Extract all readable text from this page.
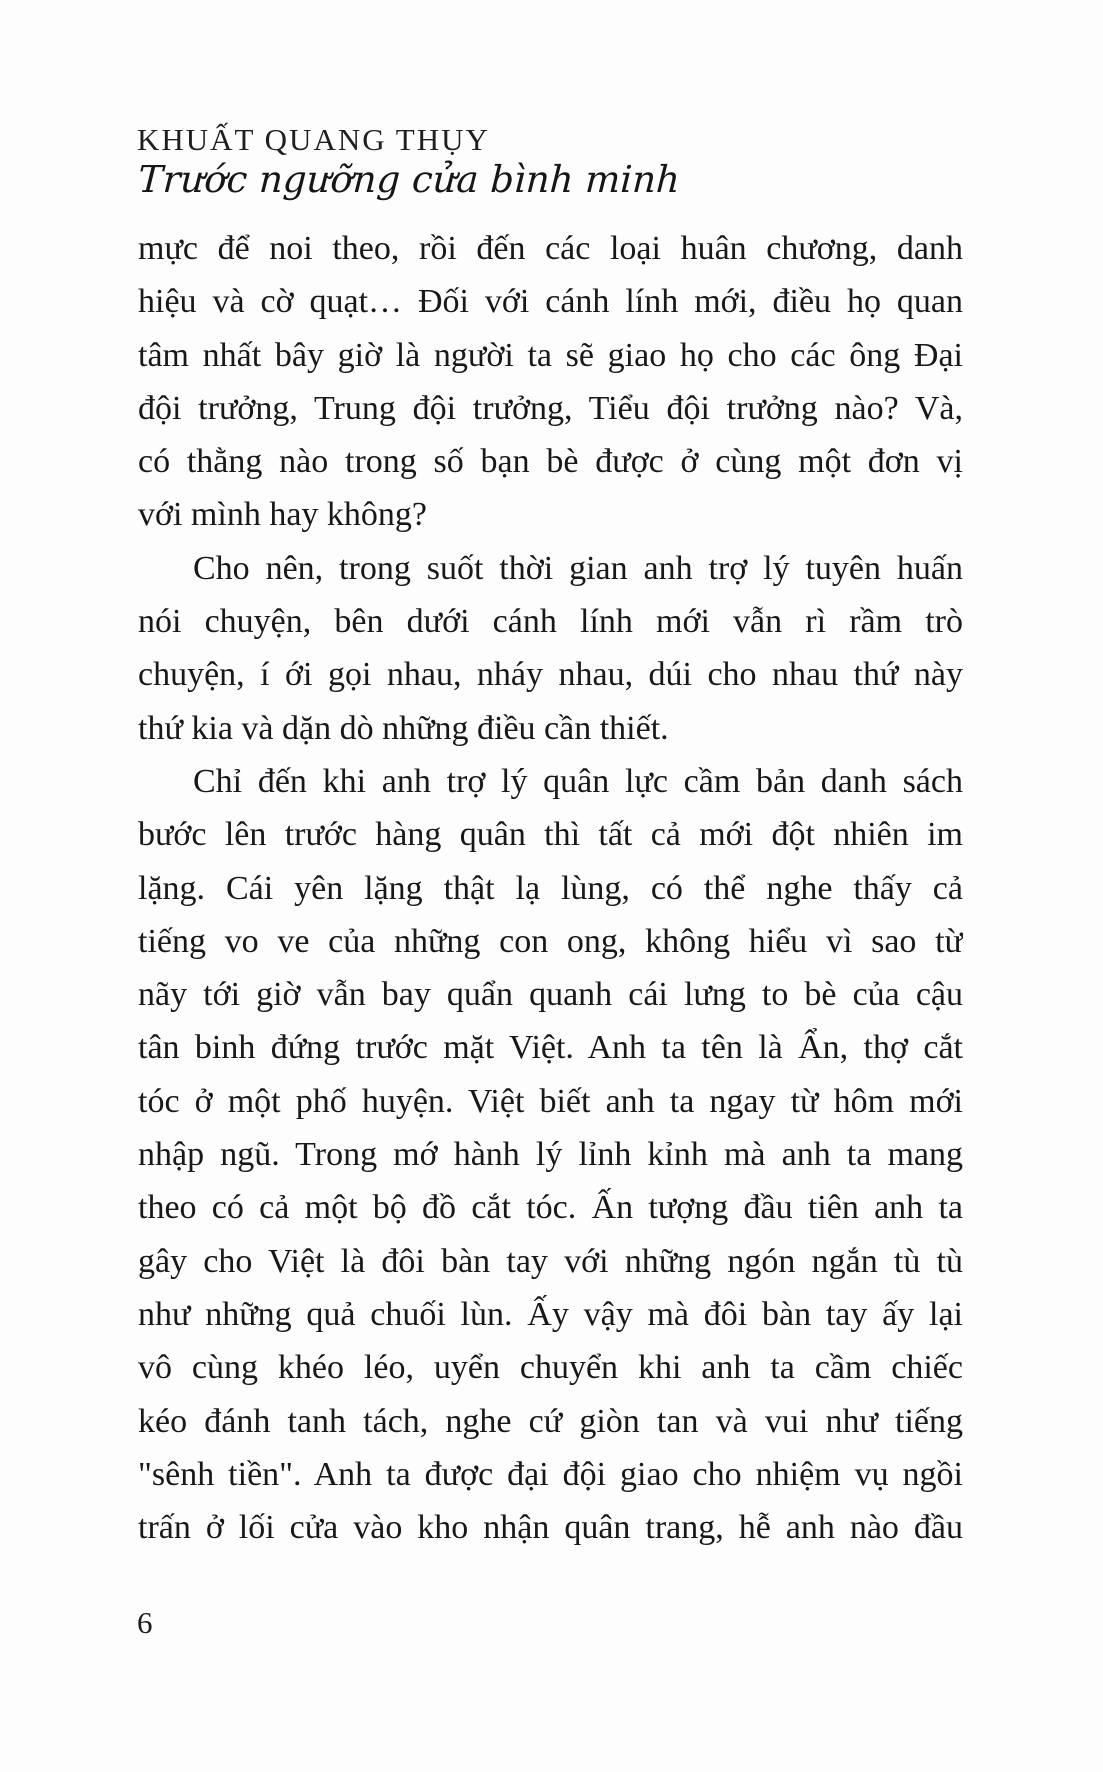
KHUẤT QUANG THỤY
Trước ngưỡng cửa bình minh
mực để noi theo, rồi đến các loại huân chương, danh
hiệu và cờ quạt… Đối với cánh lính mới, điều họ quan
tâm nhất bây giờ là người ta sẽ giao họ cho các ông Đại
đội trưởng, Trung đội trưởng, Tiểu đội trưởng nào? Và,
có thằng nào trong số bạn bè được ở cùng một đơn vị
với mình hay không?
Cho nên, trong suốt thời gian anh trợ lý tuyên huấn
nói chuyện, bên dưới cánh lính mới vẫn rì rầm trò
chuyện, í ới gọi nhau, nháy nhau, dúi cho nhau thứ này
thứ kia và dặn dò những điều cần thiết.
Chỉ đến khi anh trợ lý quân lực cầm bản danh sách
bước lên trước hàng quân thì tất cả mới đột nhiên im
lặng. Cái yên lặng thật lạ lùng, có thể nghe thấy cả
tiếng vo ve của những con ong, không hiểu vì sao từ
nãy tới giờ vẫn bay quẩn quanh cái lưng to bè của cậu
tân binh đứng trước mặt Việt. Anh ta tên là Ẩn, thợ cắt
tóc ở một phố huyện. Việt biết anh ta ngay từ hôm mới
nhập ngũ. Trong mớ hành lý lỉnh kỉnh mà anh ta mang
theo có cả một bộ đồ cắt tóc. Ấn tượng đầu tiên anh ta
gây cho Việt là đôi bàn tay với những ngón ngắn tù tù
như những quả chuối lùn. Ấy vậy mà đôi bàn tay ấy lại
vô cùng khéo léo, uyển chuyển khi anh ta cầm chiếc
kéo đánh tanh tách, nghe cứ giòn tan và vui như tiếng
"sênh tiền". Anh ta được đại đội giao cho nhiệm vụ ngồi
trấn ở lối cửa vào kho nhận quân trang, hễ anh nào đầu
6
